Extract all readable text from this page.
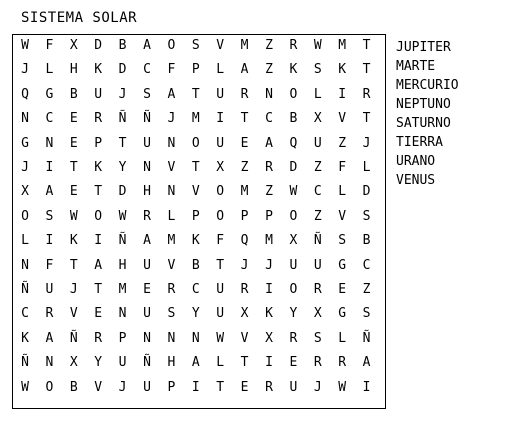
SISTEMA SOLAR
W	F	X	D	B	A	O	S	V	M	Z	R	W	M	T
J	L	H	K	D	C	F	P	L	A	Z	K	S	K	T
Q	G	B	U	J	S	A	T	U	R	N	O	L	I	R
N	C	E	R	Ñ	Ñ	J	M	I	T	C	B	X	V	T
G	N	E	P	T	U	N	O	U	E	A	Q	U	Z	J
J	I	T	K	Y	N	V	T	X	Z	R	D	Z	F	L
X	A	E	T	D	H	N	V	O	M	Z	W	C	L	D
O	S	W	O	W	R	L	P	O	P	P	O	Z	V	S
L	I	K	I	Ñ	A	M	K	F	Q	M	X	Ñ	S	B
N	F	T	A	H	U	V	B	T	J	J	U	U	G	C
Ñ	U	J	T	M	E	R	C	U	R	I	O	R	E	Z
C	R	V	E	N	U	S	Y	U	X	K	Y	X	G	S
K	A	Ñ	R	P	N	N	N	W	V	X	R	S	L	Ñ
Ñ	N	X	Y	U	Ñ	H	A	L	T	I	E	R	R	A
W	O	B	V	J	U	P	I	T	E	R	U	J	W	I
JUPITER
MARTE
MERCURIO
NEPTUNO
SATURNO
TIERRA
URANO
VENUS
